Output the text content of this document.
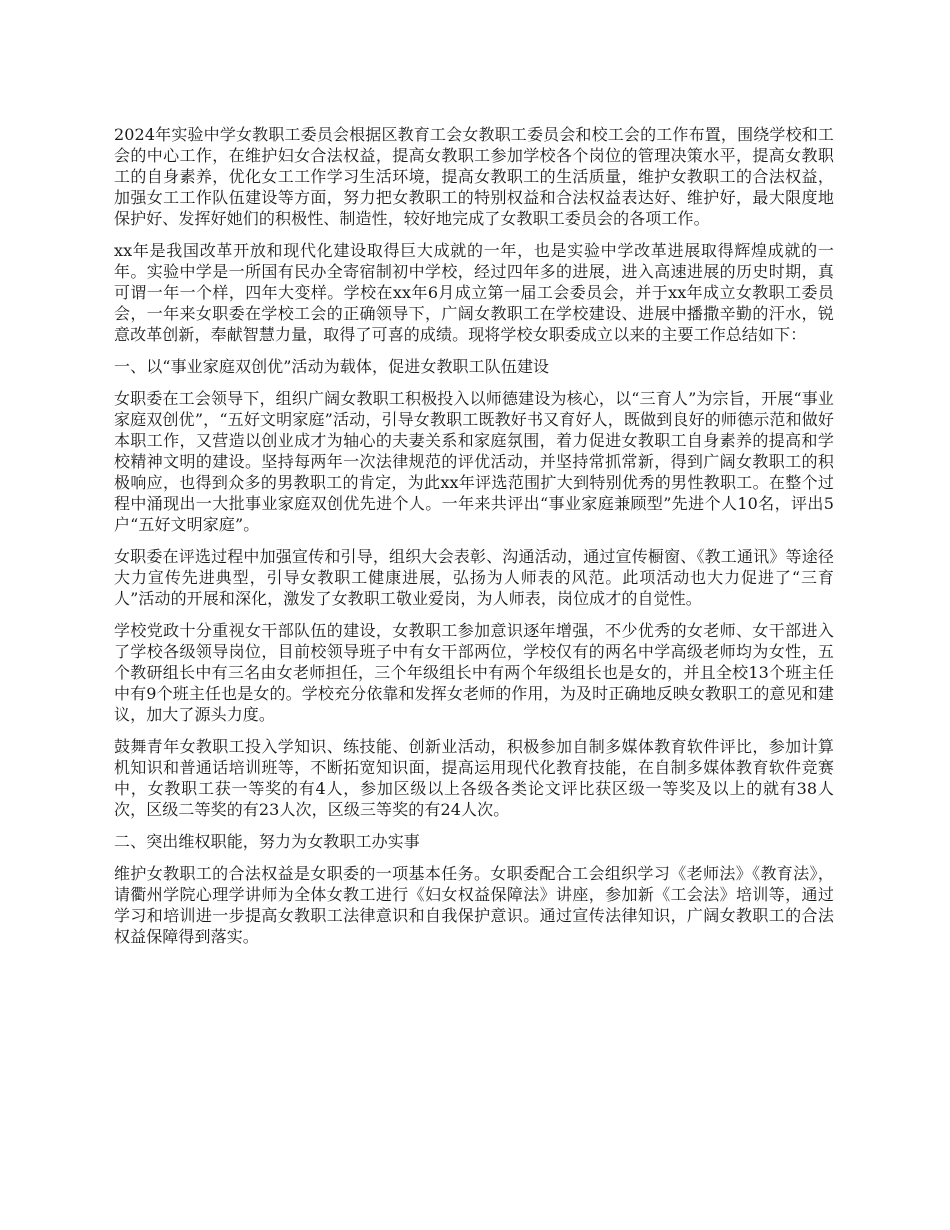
2024年实验中学女教职工委员会根据区教育工会女教职工委员会和校工会的工作布置，围绕学校和工会的中心工作，在维护妇女合法权益，提高女教职工参加学校各个岗位的管理决策水平，提高女教职工的自身素养，优化女工工作学习生活环境，提高女教职工的生活质量，维护女教职工的合法权益，加强女工工作队伍建设等方面，努力把女教职工的特别权益和合法权益表达好、维护好，最大限度地保护好、发挥好她们的积极性、制造性，较好地完成了女教职工委员会的各项工作。

xx年是我国改革开放和现代化建设取得巨大成就的一年，也是实验中学改革进展取得辉煌成就的一年。实验中学是一所国有民办全寄宿制初中学校，经过四年多的进展，进入高速进展的历史时期，真可谓一年一个样，四年大变样。学校在xx年6月成立第一届工会委员会，并于xx年成立女教职工委员会，一年来女职委在学校工会的正确领导下，广阔女教职工在学校建设、进展中播撒辛勤的汗水，锐意改革创新，奉献智慧力量，取得了可喜的成绩。现将学校女职委成立以来的主要工作总结如下：

一、以“事业家庭双创优”活动为载体，促进女教职工队伍建设

女职委在工会领导下，组织广阔女教职工积极投入以师德建设为核心，以“三育人”为宗旨，开展“事业家庭双创优”，“五好文明家庭”活动，引导女教职工既教好书又育好人，既做到良好的师德示范和做好本职工作，又营造以创业成才为轴心的夫妻关系和家庭氛围，着力促进女教职工自身素养的提高和学校精神文明的建设。坚持每两年一次法律规范的评优活动，并坚持常抓常新，得到广阔女教职工的积极响应，也得到众多的男教职工的肯定，为此xx年评选范围扩大到特别优秀的男性教职工。在整个过程中涌现出一大批事业家庭双创优先进个人。一年来共评出“事业家庭兼顾型”先进个人10名，评出5户“五好文明家庭”。

女职委在评选过程中加强宣传和引导，组织大会表彰、沟通活动，通过宣传橱窗、《教工通讯》等途径大力宣传先进典型，引导女教职工健康进展，弘扬为人师表的风范。此项活动也大力促进了“三育人”活动的开展和深化，激发了女教职工敬业爱岗，为人师表，岗位成才的自觉性。

学校党政十分重视女干部队伍的建设，女教职工参加意识逐年增强，不少优秀的女老师、女干部进入了学校各级领导岗位，目前校领导班子中有女干部两位，学校仅有的两名中学高级老师均为女性，五个教研组长中有三名由女老师担任，三个年级组长中有两个年级组长也是女的，并且全校13个班主任中有9个班主任也是女的。学校充分依靠和发挥女老师的作用，为及时正确地反映女教职工的意见和建议，加大了源头力度。

鼓舞青年女教职工投入学知识、练技能、创新业活动，积极参加自制多媒体教育软件评比，参加计算机知识和普通话培训班等，不断拓宽知识面，提高运用现代化教育技能，在自制多媒体教育软件竞赛中，女教职工获一等奖的有4人，参加区级以上各级各类论文评比获区级一等奖及以上的就有38人次，区级二等奖的有23人次，区级三等奖的有24人次。

二、突出维权职能，努力为女教职工办实事

维护女教职工的合法权益是女职委的一项基本任务。女职委配合工会组织学习《老师法》《教育法》，请衢州学院心理学讲师为全体女教工进行《妇女权益保障法》讲座，参加新《工会法》培训等，通过学习和培训进一步提高女教职工法律意识和自我保护意识。通过宣传法律知识，广阔女教职工的合法权益保障得到落实。
